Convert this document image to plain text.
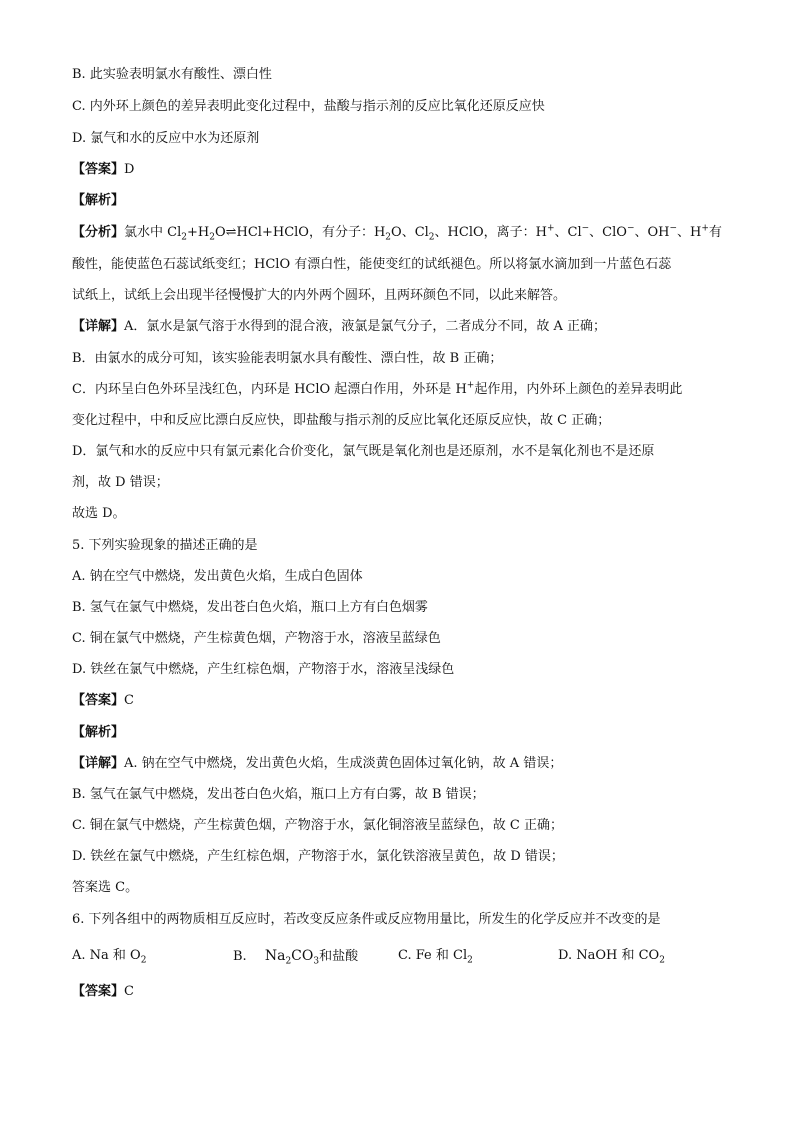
B. 此实验表明氯水有酸性、漂白性
C. 内外环上颜色的差异表明此变化过程中，盐酸与指示剂的反应比氧化还原反应快
D. 氯气和水的反应中水为还原剂
【答案】D
【解析】
【分析】氯水中 $Cl_2+H_2O\rightleftharpoons HCl+HClO$，有分子：$H_2O$、$Cl_2$、HClO，离子：H+、Cl−、ClO−、OH−、H+有
酸性，能使蓝色石蕊试纸变红；HClO 有漂白性，能使变红的试纸褪色。所以将氯水滴加到一片蓝色石蕊
试纸上，试纸上会出现半径慢慢扩大的内外两个圆环，且两环颜色不同，以此来解答。
【详解】A．氯水是氯气溶于水得到的混合液，液氯是氯气分子，二者成分不同，故 A 正确；
B．由氯水的成分可知，该实验能表明氯水具有酸性、漂白性，故 B 正确；
C．内环呈白色外环呈浅红色，内环是 HClO 起漂白作用，外环是 H+起作用，内外环上颜色的差异表明此
变化过程中，中和反应比漂白反应快，即盐酸与指示剂的反应比氧化还原反应快，故 C 正确；
D．氯气和水的反应中只有氯元素化合价变化，氯气既是氧化剂也是还原剂，水不是氧化剂也不是还原
剂，故 D 错误；
故选 D。
5. 下列实验现象的描述正确的是
A. 钠在空气中燃烧，发出黄色火焰，生成白色固体
B. 氢气在氯气中燃烧，发出苍白色火焰，瓶口上方有白色烟雾
C. 铜在氯气中燃烧，产生棕黄色烟，产物溶于水，溶液呈蓝绿色
D. 铁丝在氯气中燃烧，产生红棕色烟，产物溶于水，溶液呈浅绿色
【答案】C
【解析】
【详解】A. 钠在空气中燃烧，发出黄色火焰，生成淡黄色固体过氧化钠，故 A 错误；
B. 氢气在氯气中燃烧，发出苍白色火焰，瓶口上方有白雾，故 B 错误；
C. 铜在氯气中燃烧，产生棕黄色烟，产物溶于水，氯化铜溶液呈蓝绿色，故 C 正确；
D. 铁丝在氯气中燃烧，产生红棕色烟，产物溶于水，氯化铁溶液呈黄色，故 D 错误；
答案选 C。
6. 下列各组中的两物质相互反应时，若改变反应条件或反应物用量比，所发生的化学反应并不改变的是
A. Na 和 $O_2$	B. $Na_2CO_3$和盐酸	C. Fe 和 $Cl_2$	D. NaOH 和 $CO_2$
【答案】C
